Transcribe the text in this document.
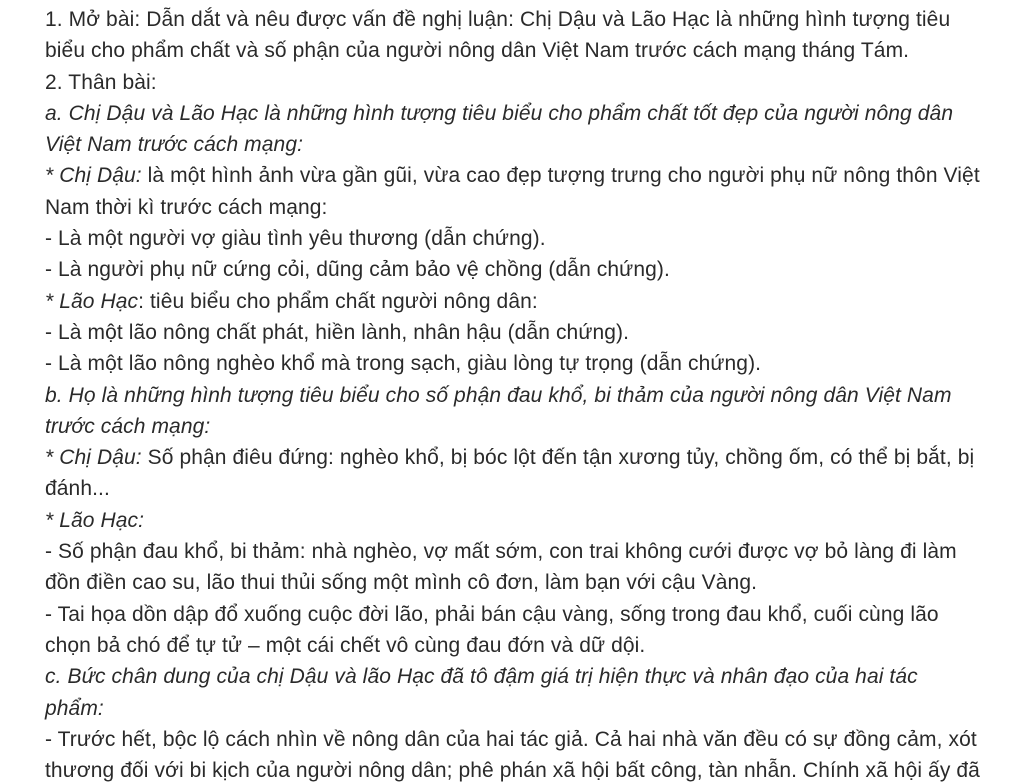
1. Mở bài: Dẫn dắt và nêu được vấn đề nghị luận: Chị Dậu và Lão Hạc là những hình tượng tiêu
biểu cho phẩm chất và số phận của người nông dân Việt Nam trước cách mạng tháng Tám.
2. Thân bài:
a. Chị Dậu và Lão Hạc là những hình tượng tiêu biểu cho phẩm chất tốt đẹp của người nông dân
Việt Nam trước cách mạng:
* Chị Dậu: là một hình ảnh vừa gần gũi, vừa cao đẹp tượng trưng cho người phụ nữ nông thôn Việt
Nam thời kì trước cách mạng:
- Là một người vợ giàu tình yêu thương (dẫn chứng).
- Là người phụ nữ cứng cỏi, dũng cảm bảo vệ chồng (dẫn chứng).
* Lão Hạc: tiêu biểu cho phẩm chất người nông dân:
- Là một lão nông chất phát, hiền lành, nhân hậu (dẫn chứng).
- Là một lão nông nghèo khổ mà trong sạch, giàu lòng tự trọng (dẫn chứng).
b. Họ là những hình tượng tiêu biểu cho số phận đau khổ, bi thảm của người nông dân Việt Nam
trước cách mạng:
* Chị Dậu: Số phận điêu đứng: nghèo khổ, bị bóc lột đến tận xương tủy, chồng ốm, có thể bị bắt, bị
đánh...
* Lão Hạc:
- Số phận đau khổ, bi thảm: nhà nghèo, vợ mất sớm, con trai không cưới được vợ bỏ làng đi làm
đồn điền cao su, lão thui thủi sống một mình cô đơn, làm bạn với cậu Vàng.
- Tai họa dồn dập đổ xuống cuộc đời lão, phải bán cậu vàng, sống trong đau khổ, cuối cùng lão
chọn bả chó để tự tử – một cái chết vô cùng đau đớn và dữ dội.
c. Bức chân dung của chị Dậu và lão Hạc đã tô đậm giá trị hiện thực và nhân đạo của hai tác
phẩm:
- Trước hết, bộc lộ cách nhìn về nông dân của hai tác giả. Cả hai nhà văn đều có sự đồng cảm, xót
thương đối với bi kịch của người nông dân; phê phán xã hội bất công, tàn nhẫn. Chính xã hội ấy đã
